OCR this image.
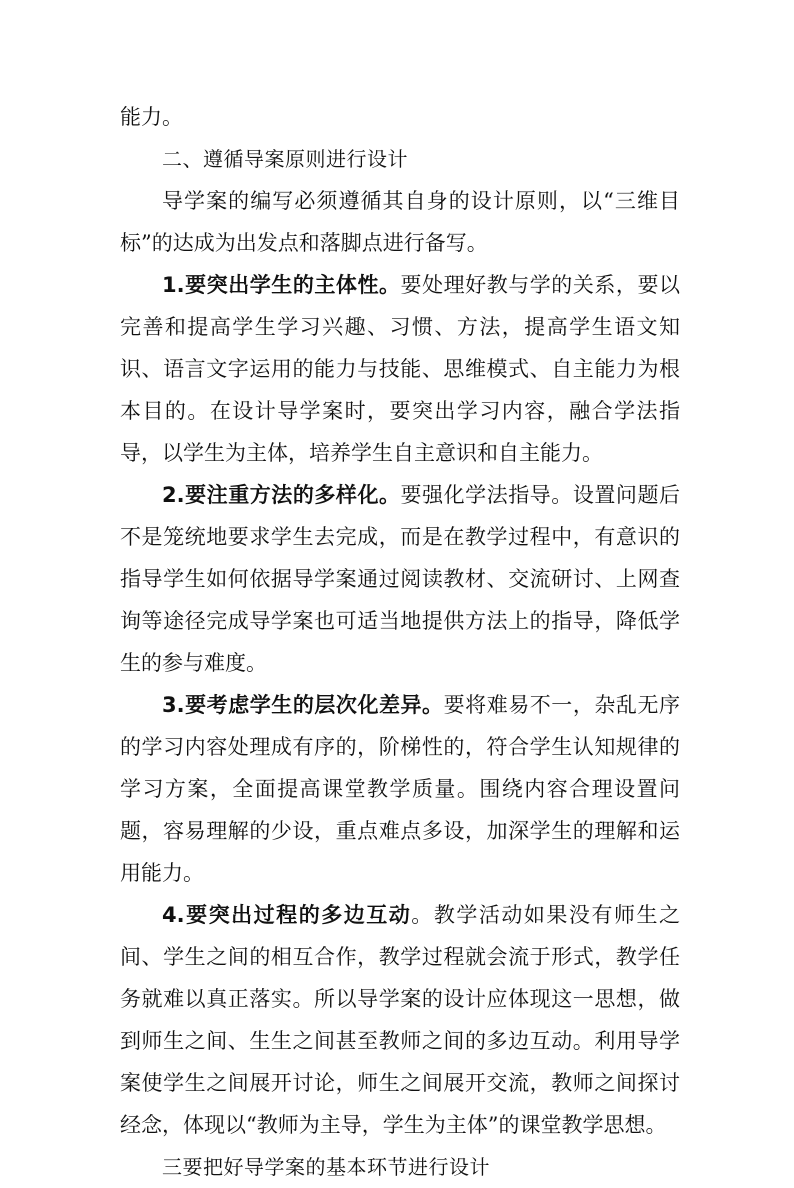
能力。

二、遵循导案原则进行设计

导学案的编写必须遵循其自身的设计原则，以“三维目标”的达成为出发点和落脚点进行备写。

1.要突出学生的主体性。要处理好教与学的关系，要以完善和提高学生学习兴趣、习惯、方法，提高学生语文知识、语言文字运用的能力与技能、思维模式、自主能力为根本目的。在设计导学案时，要突出学习内容，融合学法指导，以学生为主体，培养学生自主意识和自主能力。

2.要注重方法的多样化。要强化学法指导。设置问题后不是笼统地要求学生去完成，而是在教学过程中，有意识的指导学生如何依据导学案通过阅读教材、交流研讨、上网查询等途径完成导学案也可适当地提供方法上的指导，降低学生的参与难度。

3.要考虑学生的层次化差异。要将难易不一，杂乱无序的学习内容处理成有序的，阶梯性的，符合学生认知规律的学习方案，全面提高课堂教学质量。围绕内容合理设置问题，容易理解的少设，重点难点多设，加深学生的理解和运用能力。

4.要突出过程的多边互动。教学活动如果没有师生之间、学生之间的相互合作，教学过程就会流于形式，教学任务就难以真正落实。所以导学案的设计应体现这一思想，做到师生之间、生生之间甚至教师之间的多边互动。利用导学案使学生之间展开讨论，师生之间展开交流，教师之间探讨经念，体现以“教师为主导，学生为主体”的课堂教学思想。

三要把好导学案的基本环节进行设计
